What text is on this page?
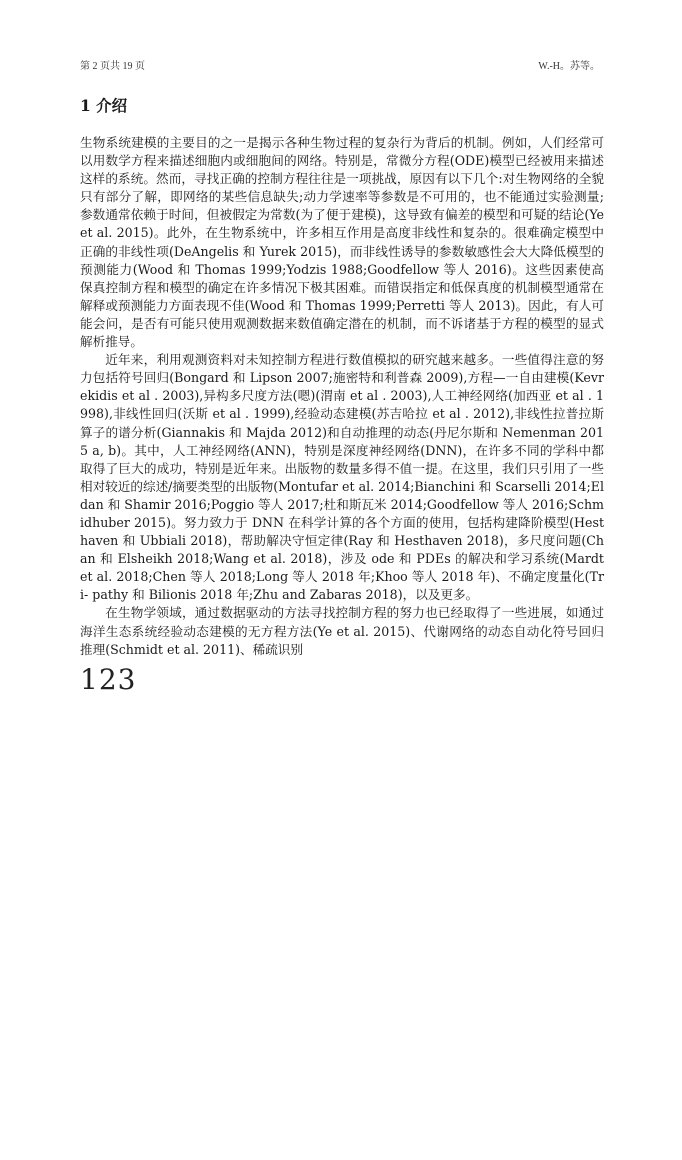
第 2 页共 19 页	W.-H。苏等。
1 介绍

生物系统建模的主要目的之一是揭示各种生物过程的复杂行为背后的机制。例如，人们经常可以用数学方程来描述细胞内或细胞间的网络。特别是，常微分方程(ODE)模型已经被用来描述这样的系统。然而，寻找正确的控制方程往往是一项挑战，原因有以下几个:对生物网络的全貌只有部分了解，即网络的某些信息缺失;动力学速率等参数是不可用的，也不能通过实验测量;参数通常依赖于时间，但被假定为常数(为了便于建模)，这导致有偏差的模型和可疑的结论(Ye et al. 2015)。此外，在生物系统中，许多相互作用是高度非线性和复杂的。很难确定模型中正确的非线性项(DeAngelis 和 Yurek 2015)，而非线性诱导的参数敏感性会大大降低模型的预测能力(Wood 和 Thomas 1999;Yodzis 1988;Goodfellow 等人 2016)。这些因素使高保真控制方程和模型的确定在许多情况下极其困难。而错误指定和低保真度的机制模型通常在解释或预测能力方面表现不佳(Wood 和 Thomas 1999;Perretti 等人 2013)。因此，有人可能会问，是否有可能只使用观测数据来数值确定潜在的机制，而不诉诸基于方程的模型的显式解析推导。

近年来，利用观测资料对未知控制方程进行数值模拟的研究越来越多。一些值得注意的努力包括符号回归(Bongard 和 Lipson 2007;施密特和利普森 2009),方程—一自由建模(Kevrekidis et al . 2003),异构多尺度方法(嗯)(渭南 et al . 2003),人工神经网络(加西亚 et al . 1998),非线性回归(沃斯 et al . 1999),经验动态建模(苏吉哈拉 et al . 2012),非线性拉普拉斯算子的谱分析(Giannakis 和 Majda 2012)和自动推理的动态(丹尼尔斯和 Nemenman 2015 a, b)。其中，人工神经网络(ANN)，特别是深度神经网络(DNN)，在许多不同的学科中都取得了巨大的成功，特别是近年来。出版物的数量多得不值一提。在这里，我们只引用了一些相对较近的综述/摘要类型的出版物(Montufar et al. 2014;Bianchini 和 Scarselli 2014;Eldan 和 Shamir 2016;Poggio 等人 2017;杜和斯瓦米 2014;Goodfellow 等人 2016;Schmidhuber 2015)。努力致力于 DNN 在科学计算的各个方面的使用，包括构建降阶模型(Hesthaven 和 Ubbiali 2018)，帮助解决守恒定律(Ray 和 Hesthaven 2018)，多尺度问题(Chan 和 Elsheikh 2018;Wang et al. 2018)，涉及 ode 和 PDEs 的解决和学习系统(Mardt et al. 2018;Chen 等人 2018;Long 等人 2018 年;Khoo 等人 2018 年)、不确定度量化(Tri- pathy 和 Bilionis 2018 年;Zhu and Zabaras 2018)，以及更多。

在生物学领域，通过数据驱动的方法寻找控制方程的努力也已经取得了一些进展，如通过海洋生态系统经验动态建模的无方程方法(Ye et al. 2015)、代谢网络的动态自动化符号回归推理(Schmidt et al. 2011)、稀疏识别

123
